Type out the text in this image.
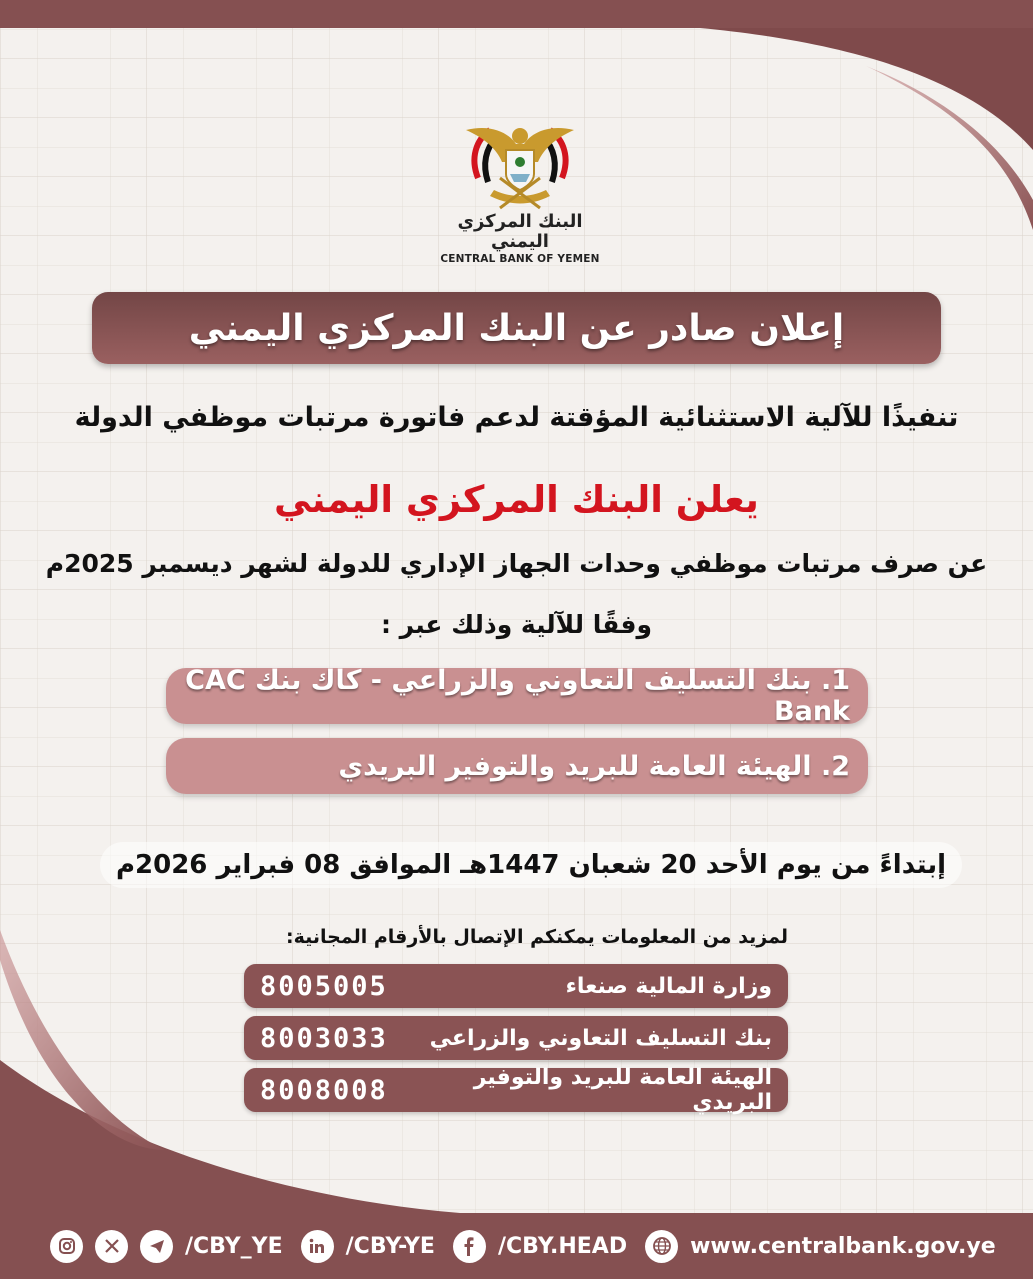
البنك المركزي اليمني
CENTRAL BANK OF YEMEN
إعلان صادر عن البنك المركزي اليمني
تنفيذًا للآلية الاستثنائية المؤقتة لدعم فاتورة مرتبات موظفي الدولة
يعلن البنك المركزي اليمني
عن صرف مرتبات موظفي وحدات الجهاز الإداري للدولة لشهر ديسمبر 2025م
وفقًا للآلية وذلك عبر :
1. بنك التسليف التعاوني والزراعي - كاك بنك CAC Bank
2. الهيئة العامة للبريد والتوفير البريدي
إبتداءً من يوم الأحد 20 شعبان 1447هـ الموافق 08 فبراير 2026م
لمزيد من المعلومات يمكنكم الإتصال بالأرقام المجانية:
8005005	وزارة المالية صنعاء
8003033 بنك التسليف التعاوني والزراعي
8008008	الهيئة العامة للبريد والتوفير البريدي
/CBY_YE	/CBY-YE	/CBY.HEAD	www.centralbank.gov.ye
